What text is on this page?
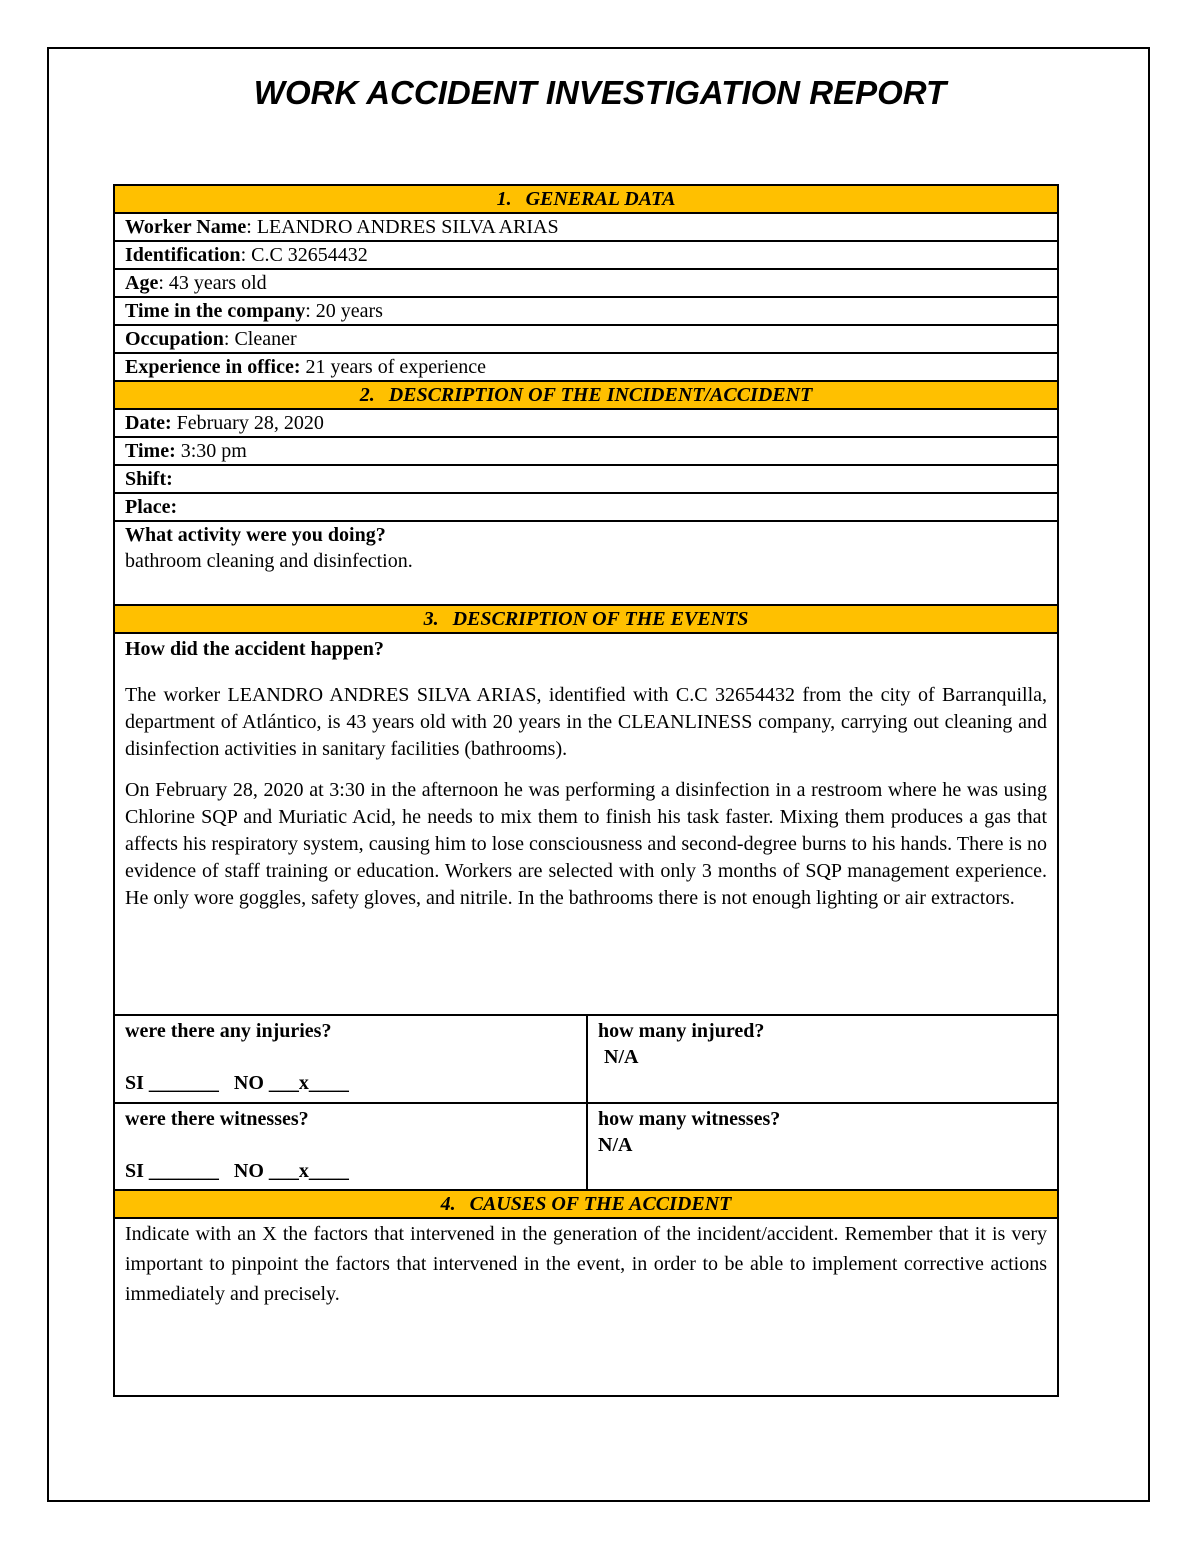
WORK ACCIDENT INVESTIGATION REPORT
1. GENERAL DATA
Worker Name: LEANDRO ANDRES SILVA ARIAS
Identification: C.C 32654432
Age: 43 years old
Time in the company: 20 years
Occupation: Cleaner
Experience in office: 21 years of experience
2. DESCRIPTION OF THE INCIDENT/ACCIDENT
Date: February 28, 2020
Time: 3:30 pm
Shift:
Place:
What activity were you doing?
bathroom cleaning and disinfection.
3. DESCRIPTION OF THE EVENTS
How did the accident happen?

The worker LEANDRO ANDRES SILVA ARIAS, identified with C.C 32654432 from the city of Barranquilla, department of Atlántico, is 43 years old with 20 years in the CLEANLINESS company, carrying out cleaning and disinfection activities in sanitary facilities (bathrooms).

On February 28, 2020 at 3:30 in the afternoon he was performing a disinfection in a restroom where he was using Chlorine SQP and Muriatic Acid, he needs to mix them to finish his task faster. Mixing them produces a gas that affects his respiratory system, causing him to lose consciousness and second-degree burns to his hands. There is no evidence of staff training or education. Workers are selected with only 3 months of SQP management experience. He only wore goggles, safety gloves, and nitrile. In the bathrooms there is not enough lighting or air extractors.

were there any injuries?
SI _______   NO ___x____
how many injured?
N/A
were there witnesses?
SI _______   NO ___x____
how many witnesses?
N/A
4. CAUSES OF THE ACCIDENT
Indicate with an X the factors that intervened in the generation of the incident/accident. Remember that it is very important to pinpoint the factors that intervened in the event, in order to be able to implement corrective actions immediately and precisely.
